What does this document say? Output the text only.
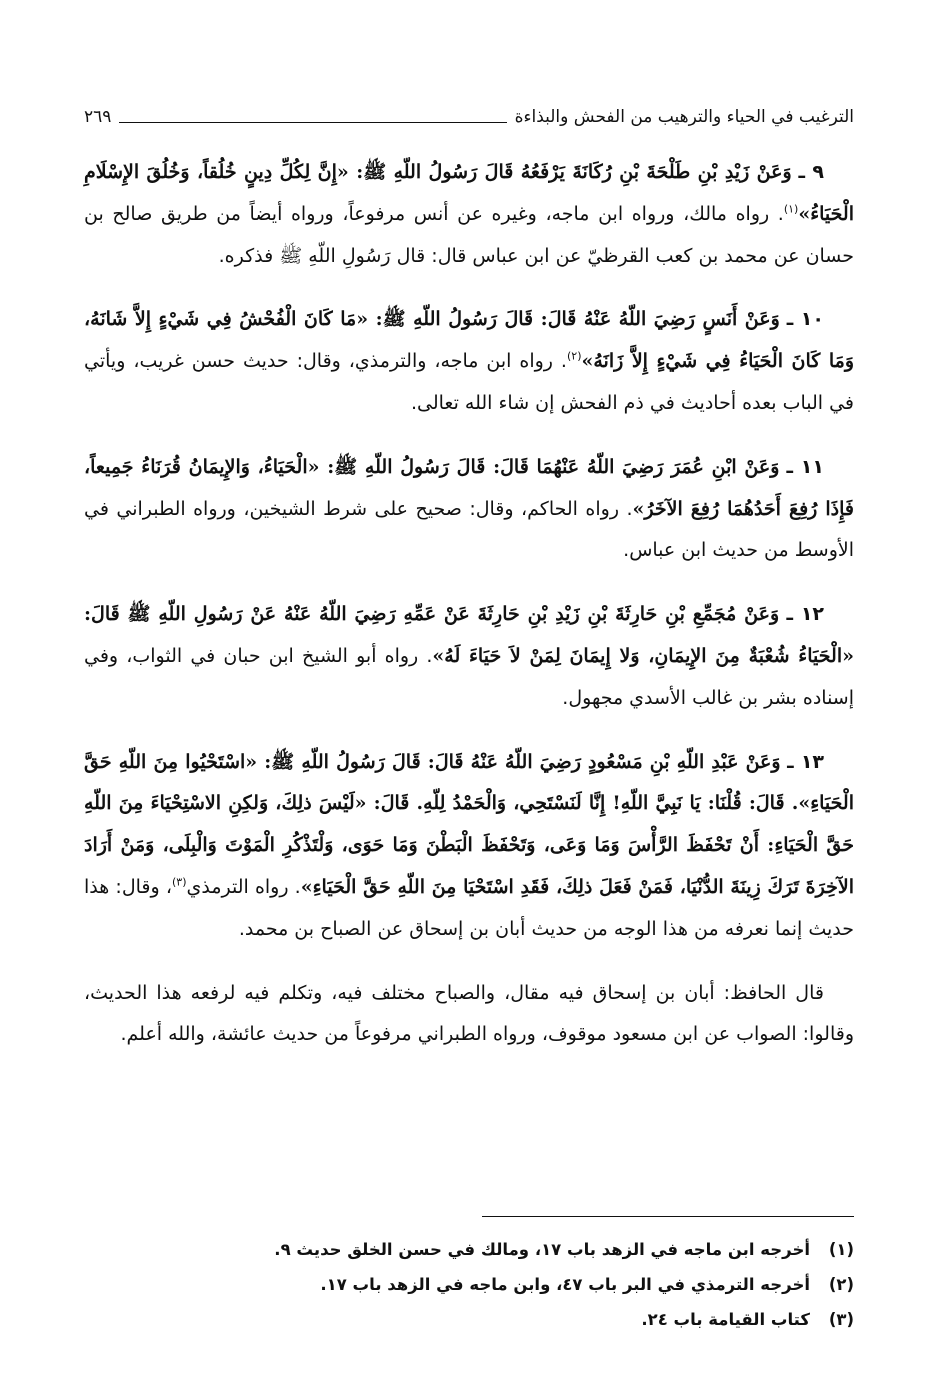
الترغيب في الحياء والترهيب من الفحش والبذاءة
٢٦٩

٩ ـ وَعَنْ زَيْدِ بْنِ طَلْحَةَ بْنِ رُكَانَةَ يَرْفَعُهُ قَالَ رَسُولُ اللّهِ ﷺ: «إِنَّ لِكُلِّ دِينٍ خُلُقاً، وَخُلُقَ الإِسْلَامِ الْحَيَاءُ»$^{(١)}$. رواه مالك، ورواه ابن ماجه، وغيره عن أنس مرفوعاً، ورواه أيضاً من طريق صالح بن حسان عن محمد بن كعب القرظيّ عن ابن عباس قال: قال رَسُولِ اللّهِ ﷺ فذكره.

١٠ ـ وَعَنْ أَنَسٍ رَضِيَ اللّهُ عَنْهُ قَالَ: قَالَ رَسُولُ اللّهِ ﷺ: «مَا كَانَ الْفُحْشُ فِي شَيْءٍ إِلاَّ شَانَهُ، وَمَا كَانَ الْحَيَاءُ فِي شَيْءٍ إِلاَّ زَانَهُ»$^{(٢)}$. رواه ابن ماجه، والترمذي، وقال: حديث حسن غريب، ويأتي في الباب بعده أحاديث في ذم الفحش إن شاء الله تعالى.

١١ ـ وَعَنْ ابْنِ عُمَرَ رَضِيَ اللّهُ عَنْهُمَا قَالَ: قَالَ رَسُولُ اللّهِ ﷺ: «الْحَيَاءُ، وَالإِيمَانُ قُرَنَاءُ جَمِيعاً، فَإِذَا رُفِعَ أَحَدُهُمَا رُفِعَ الآخَرُ». رواه الحاكم، وقال: صحيح على شرط الشيخين، ورواه الطبراني في الأوسط من حديث ابن عباس.

١٢ ـ وَعَنْ مُجَمِّعِ بْنِ حَارِثَةَ بْنِ زَيْدِ بْنِ حَارِثَةَ عَنْ عَمِّهِ رَضِيَ اللّهُ عَنْهُ عَنْ رَسُولِ اللّهِ ﷺ قَالَ: «الْحَيَاءُ شُعْبَةٌ مِنَ الإِيمَانِ، وَلا إِيمَانَ لِمَنْ لاَ حَيَاءَ لَهُ». رواه أبو الشيخ ابن حبان في الثواب، وفي إسناده بشر بن غالب الأسدي مجهول.

١٣ ـ وَعَنْ عَبْدِ اللّهِ بْنِ مَسْعُودٍ رَضِيَ اللّهُ عَنْهُ قَالَ: قَالَ رَسُولُ اللّهِ ﷺ: «اسْتَحْيُوا مِنَ اللّهِ حَقَّ الْحَيَاءِ». قَالَ: قُلْنَا: يَا نَبِيَّ اللّهِ! إِنَّا لَنَسْتَحِي، وَالْحَمْدُ لِلّهِ. قَالَ: «لَيْسَ ذلِكَ، وَلكِنِ الاسْتِحْيَاءَ مِنَ اللّهِ حَقَّ الْحَيَاءِ: أَنْ تَحْفَظَ الرَّأْسَ وَمَا وَعَى، وَتَحْفَظَ الْبَطْنَ وَمَا حَوَى، وَلْتَذْكُرِ الْمَوْتَ وَالْبِلَى، وَمَنْ أَرَادَ الآخِرَةَ تَرَكَ زِينَةَ الدُّنْيَا، فَمَنْ فَعَلَ ذلِكَ، فَقَدِ اسْتَحْيَا مِنَ اللّهِ حَقَّ الْحَيَاءِ». رواه الترمذي$^{(٣)}$، وقال: هذا حديث إنما نعرفه من هذا الوجه من حديث أبان بن إسحاق عن الصباح بن محمد.

قال الحافظ: أبان بن إسحاق فيه مقال، والصباح مختلف فيه، وتكلم فيه لرفعه هذا الحديث، وقالوا: الصواب عن ابن مسعود موقوف، ورواه الطبراني مرفوعاً من حديث عائشة، والله أعلم.

(١)
أخرجه ابن ماجه في الزهد باب ١٧، ومالك في حسن الخلق حديث ٩.
(٢)
أخرجه الترمذي في البر باب ٤٧، وابن ماجه في الزهد باب ١٧.
(٣)
كتاب القيامة باب ٢٤.
